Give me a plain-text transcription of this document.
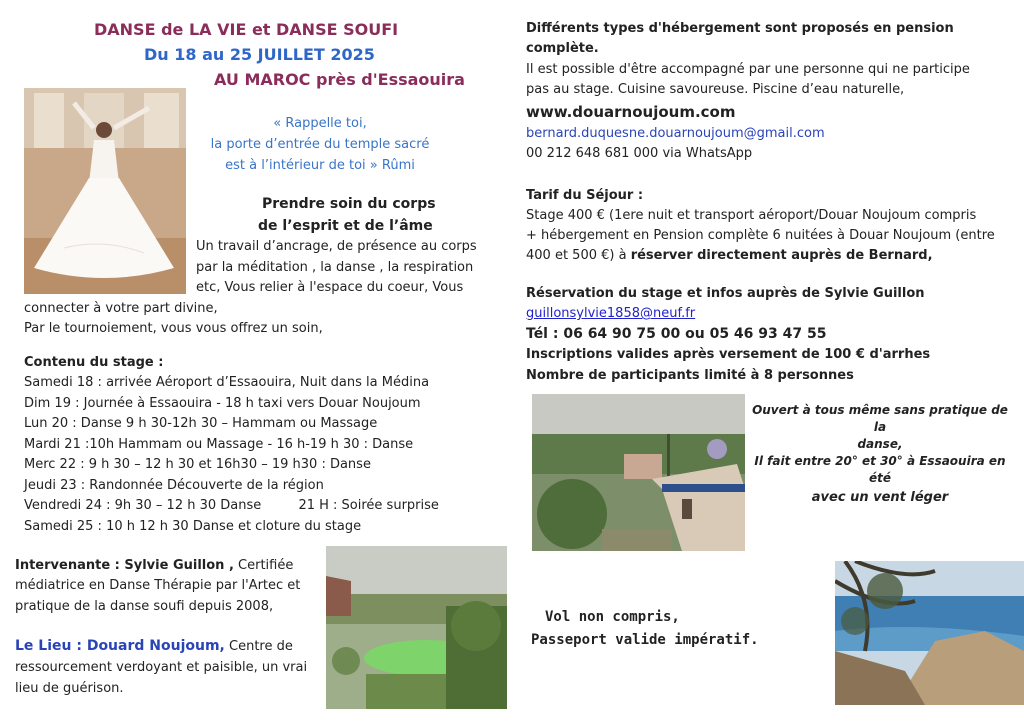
DANSE de LA VIE et DANSE SOUFI
Du 18 au 25 JUILLET 2025
AU MAROC près d'Essaouira
« Rappelle toi,
la porte d’entrée du temple sacré
est à l’intérieur de toi » Rûmi
Prendre soin du corps
de l’esprit et de l’âme
Un travail d’ancrage, de présence au corps
par la méditation , la danse , la respiration
etc, Vous relier à l'espace du coeur, Vous
connecter à votre part divine,
Par le tournoiement, vous vous offrez un soin,
Contenu du stage :
Samedi 18 : arrivée Aéroport d’Essaouira, Nuit dans la Médina
Dim 19 : Journée à Essaouira - 18 h taxi vers Douar Noujoum
Lun 20 : Danse 9 h 30-12h 30 – Hammam ou Massage
Mardi 21 :10h Hammam ou Massage - 16 h-19 h 30 : Danse
Merc 22 : 9 h 30 – 12 h 30 et 16h30 – 19 h30 : Danse
Jeudi 23 : Randonnée Découverte de la région
Vendredi 24 : 9h 30 – 12 h 30 Danse         21 H : Soirée surprise
Samedi 25 : 10 h 12 h 30 Danse et cloture du stage
Intervenante : Sylvie Guillon , Certifiée
médiatrice en Danse Thérapie par l'Artec et
pratique de la danse soufi depuis 2008,
Le Lieu : Douard Noujoum, Centre de
ressourcement verdoyant et paisible, un vrai
lieu de guérison.
Différents types d'hébergement sont proposés en pension
complète.
Il est possible d'être accompagné par une personne qui ne participe
pas au stage. Cuisine savoureuse. Piscine d’eau naturelle,
www.douarnoujoum.com
bernard.duquesne.douarnoujoum@gmail.com
00 212 648 681 000 via WhatsApp
Tarif du Séjour :
Stage 400 € (1ere nuit et transport aéroport/Douar Noujoum compris
+ hébergement en Pension complète 6 nuitées à Douar Noujoum (entre
400 et 500 €) à réserver directement auprès de Bernard,
Réservation du stage et infos auprès de Sylvie Guillon
guillonsylvie1858@neuf.fr
Tél : 06 64 90 75 00 ou 05 46 93 47 55
Inscriptions valides après versement de 100 € d'arrhes
Nombre de participants limité à 8 personnes
Ouvert à tous même sans pratique de la
danse,
Il fait entre 20° et 30° à Essaouira en
été
avec un vent léger
Vol non compris,
Passeport valide impératif.
